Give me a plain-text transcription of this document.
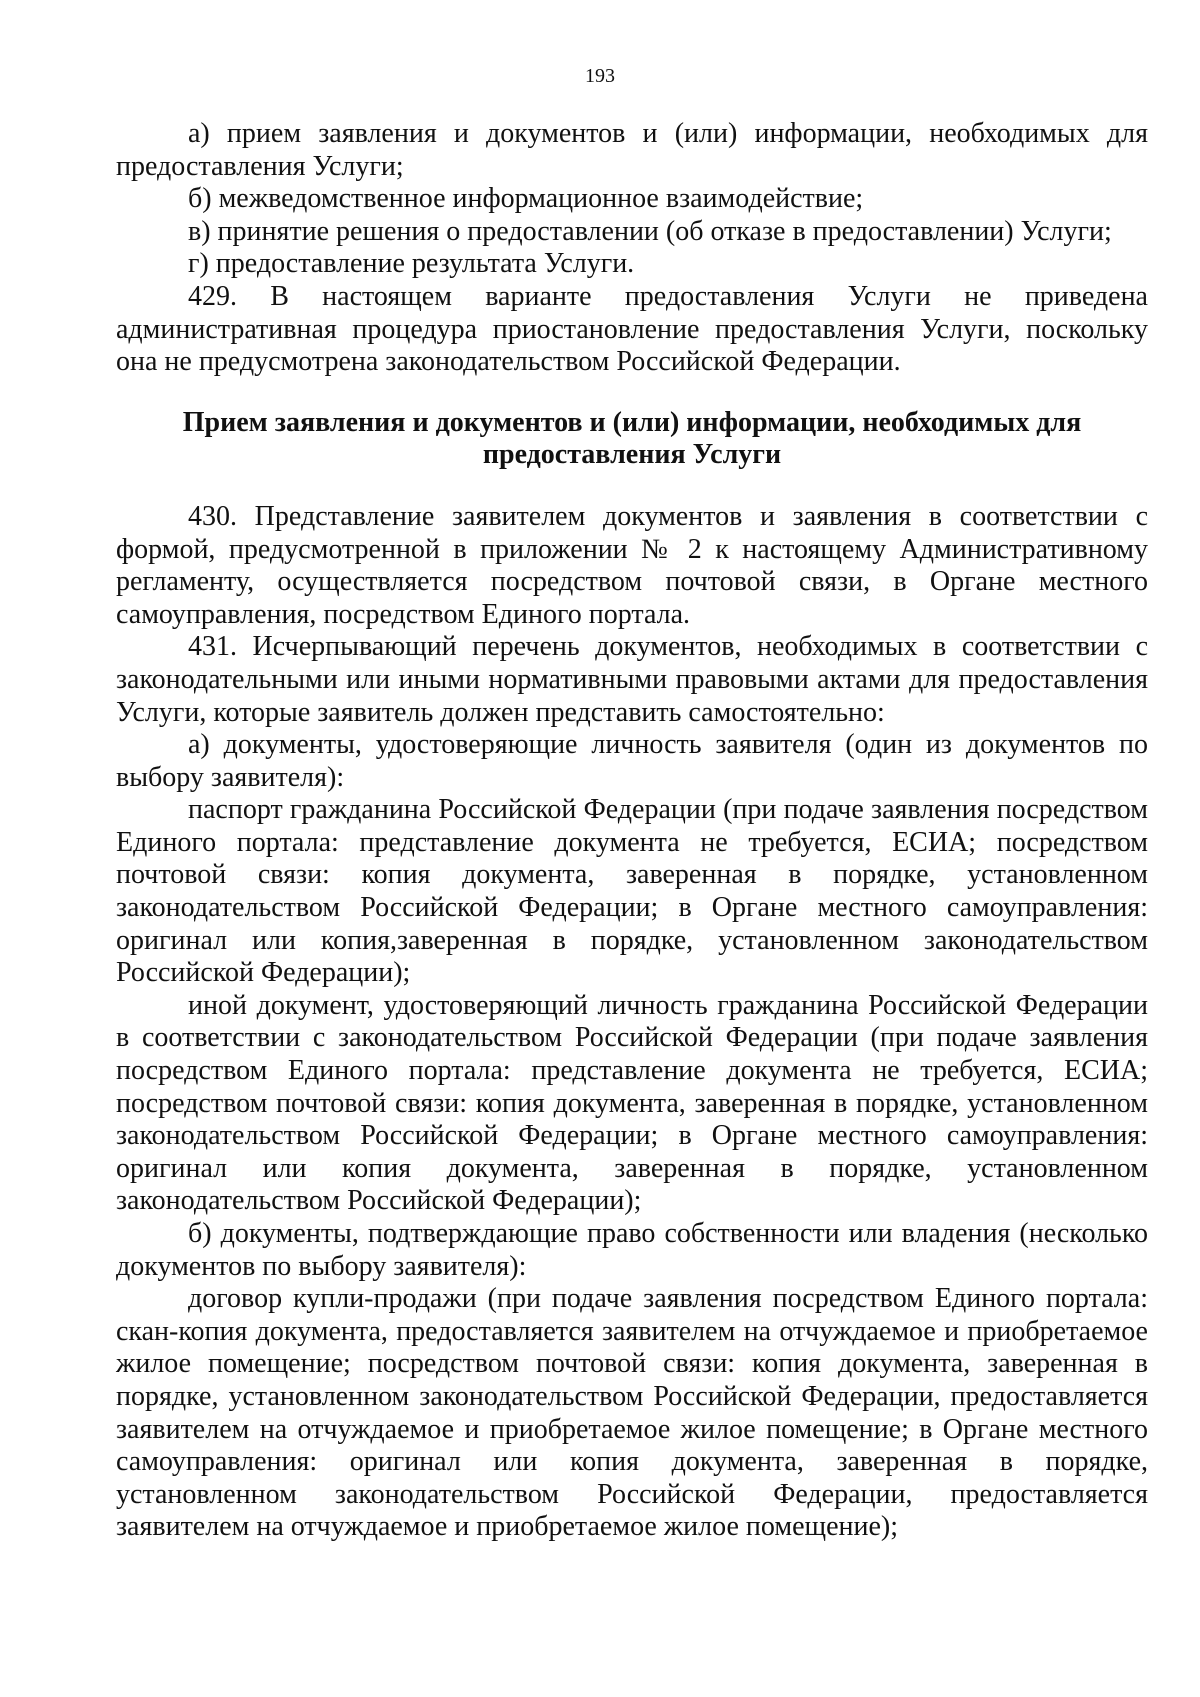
193

а) прием заявления и документов и (или) информации, необходимых для предоставления Услуги;

б) межведомственное информационное взаимодействие;

в) принятие решения о предоставлении (об отказе в предоставлении) Услуги;

г) предоставление результата Услуги.

429. В настоящем варианте предоставления Услуги не приведена административная процедура приостановление предоставления Услуги, поскольку она не предусмотрена законодательством Российской Федерации.

Прием заявления и документов и (или) информации, необходимых для предоставления Услуги

430. Представление заявителем документов и заявления в соответствии с формой, предусмотренной в приложении № 2 к настоящему Административному регламенту, осуществляется посредством почтовой связи, в Органе местного самоуправления, посредством Единого портала.

431. Исчерпывающий перечень документов, необходимых в соответствии с законодательными или иными нормативными правовыми актами для предоставления Услуги, которые заявитель должен представить самостоятельно:

а) документы, удостоверяющие личность заявителя (один из документов по выбору заявителя):

паспорт гражданина Российской Федерации (при подаче заявления посредством Единого портала: представление документа не требуется, ЕСИА; посредством почтовой связи: копия документа, заверенная в порядке, установленном законодательством Российской Федерации; в Органе местного самоуправления: оригинал или копия,заверенная в порядке, установленном законодательством Российской Федерации);

иной документ, удостоверяющий личность гражданина Российской Федерации в соответствии с законодательством Российской Федерации (при подаче заявления посредством Единого портала: представление документа не требуется, ЕСИА; посредством почтовой связи: копия документа, заверенная в порядке, установленном законодательством Российской Федерации; в Органе местного самоуправления: оригинал или копия документа, заверенная в порядке, установленном законодательством Российской Федерации);

б) документы, подтверждающие право собственности или владения (несколько документов по выбору заявителя):

договор купли-продажи (при подаче заявления посредством Единого портала: скан-копия документа, предоставляется заявителем на отчуждаемое и приобретаемое жилое помещение; посредством почтовой связи: копия документа, заверенная в порядке, установленном законодательством Российской Федерации, предоставляется заявителем на отчуждаемое и приобретаемое жилое помещение; в Органе местного самоуправления: оригинал или копия документа, заверенная в порядке, установленном законодательством Российской Федерации, предоставляется заявителем на отчуждаемое и приобретаемое жилое помещение);
